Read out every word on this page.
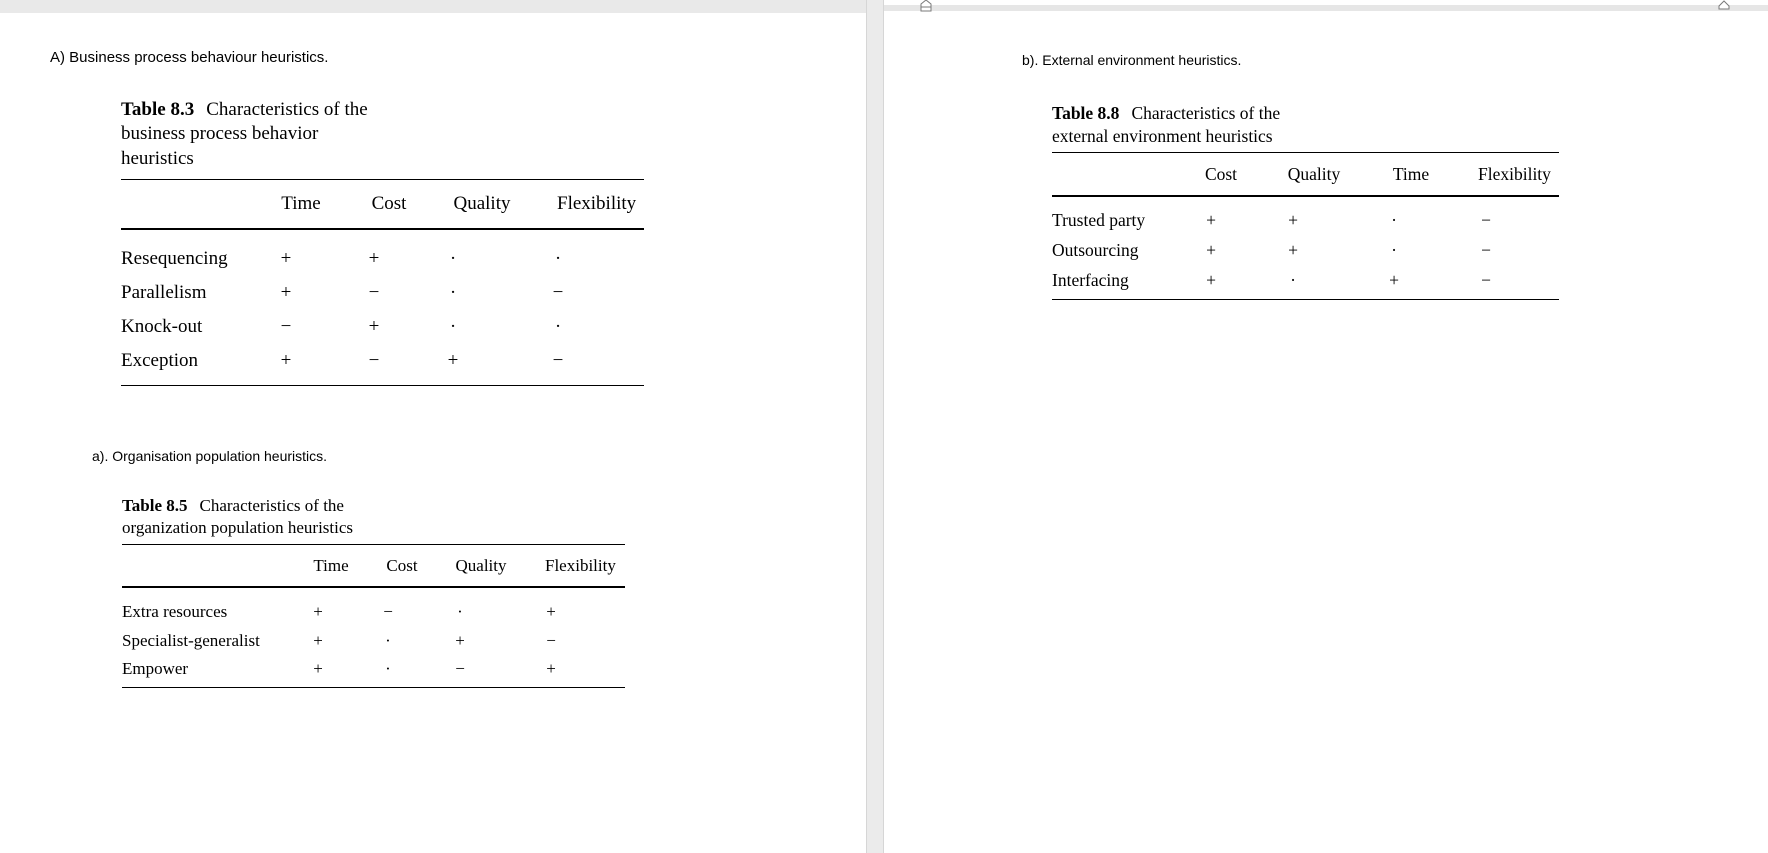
A) Business process behaviour heuristics.
Table 8.3 Characteristics of the business process behavior heuristics
Time	Cost Quality Flexibility
Resequencing	+	+	·	·
Parallelism	+	−	·	−
Knock-out	−	+	·	·
Exception	+	−	+	−
a). Organisation population heuristics.
Table 8.5 Characteristics of the organization population heuristics
Time Cost Quality Flexibility
Extra resources	+	−	·	+
Specialist-generalist	+	·	+	−
Empower	+	·	−	+
b). External environment heuristics.
Table 8.8 Characteristics of the external environment heuristics
Cost	Quality	Time	Flexibility
Trusted party	+	+	·	−
Outsourcing	+	+	·	−
Interfacing	+	·	+	−
